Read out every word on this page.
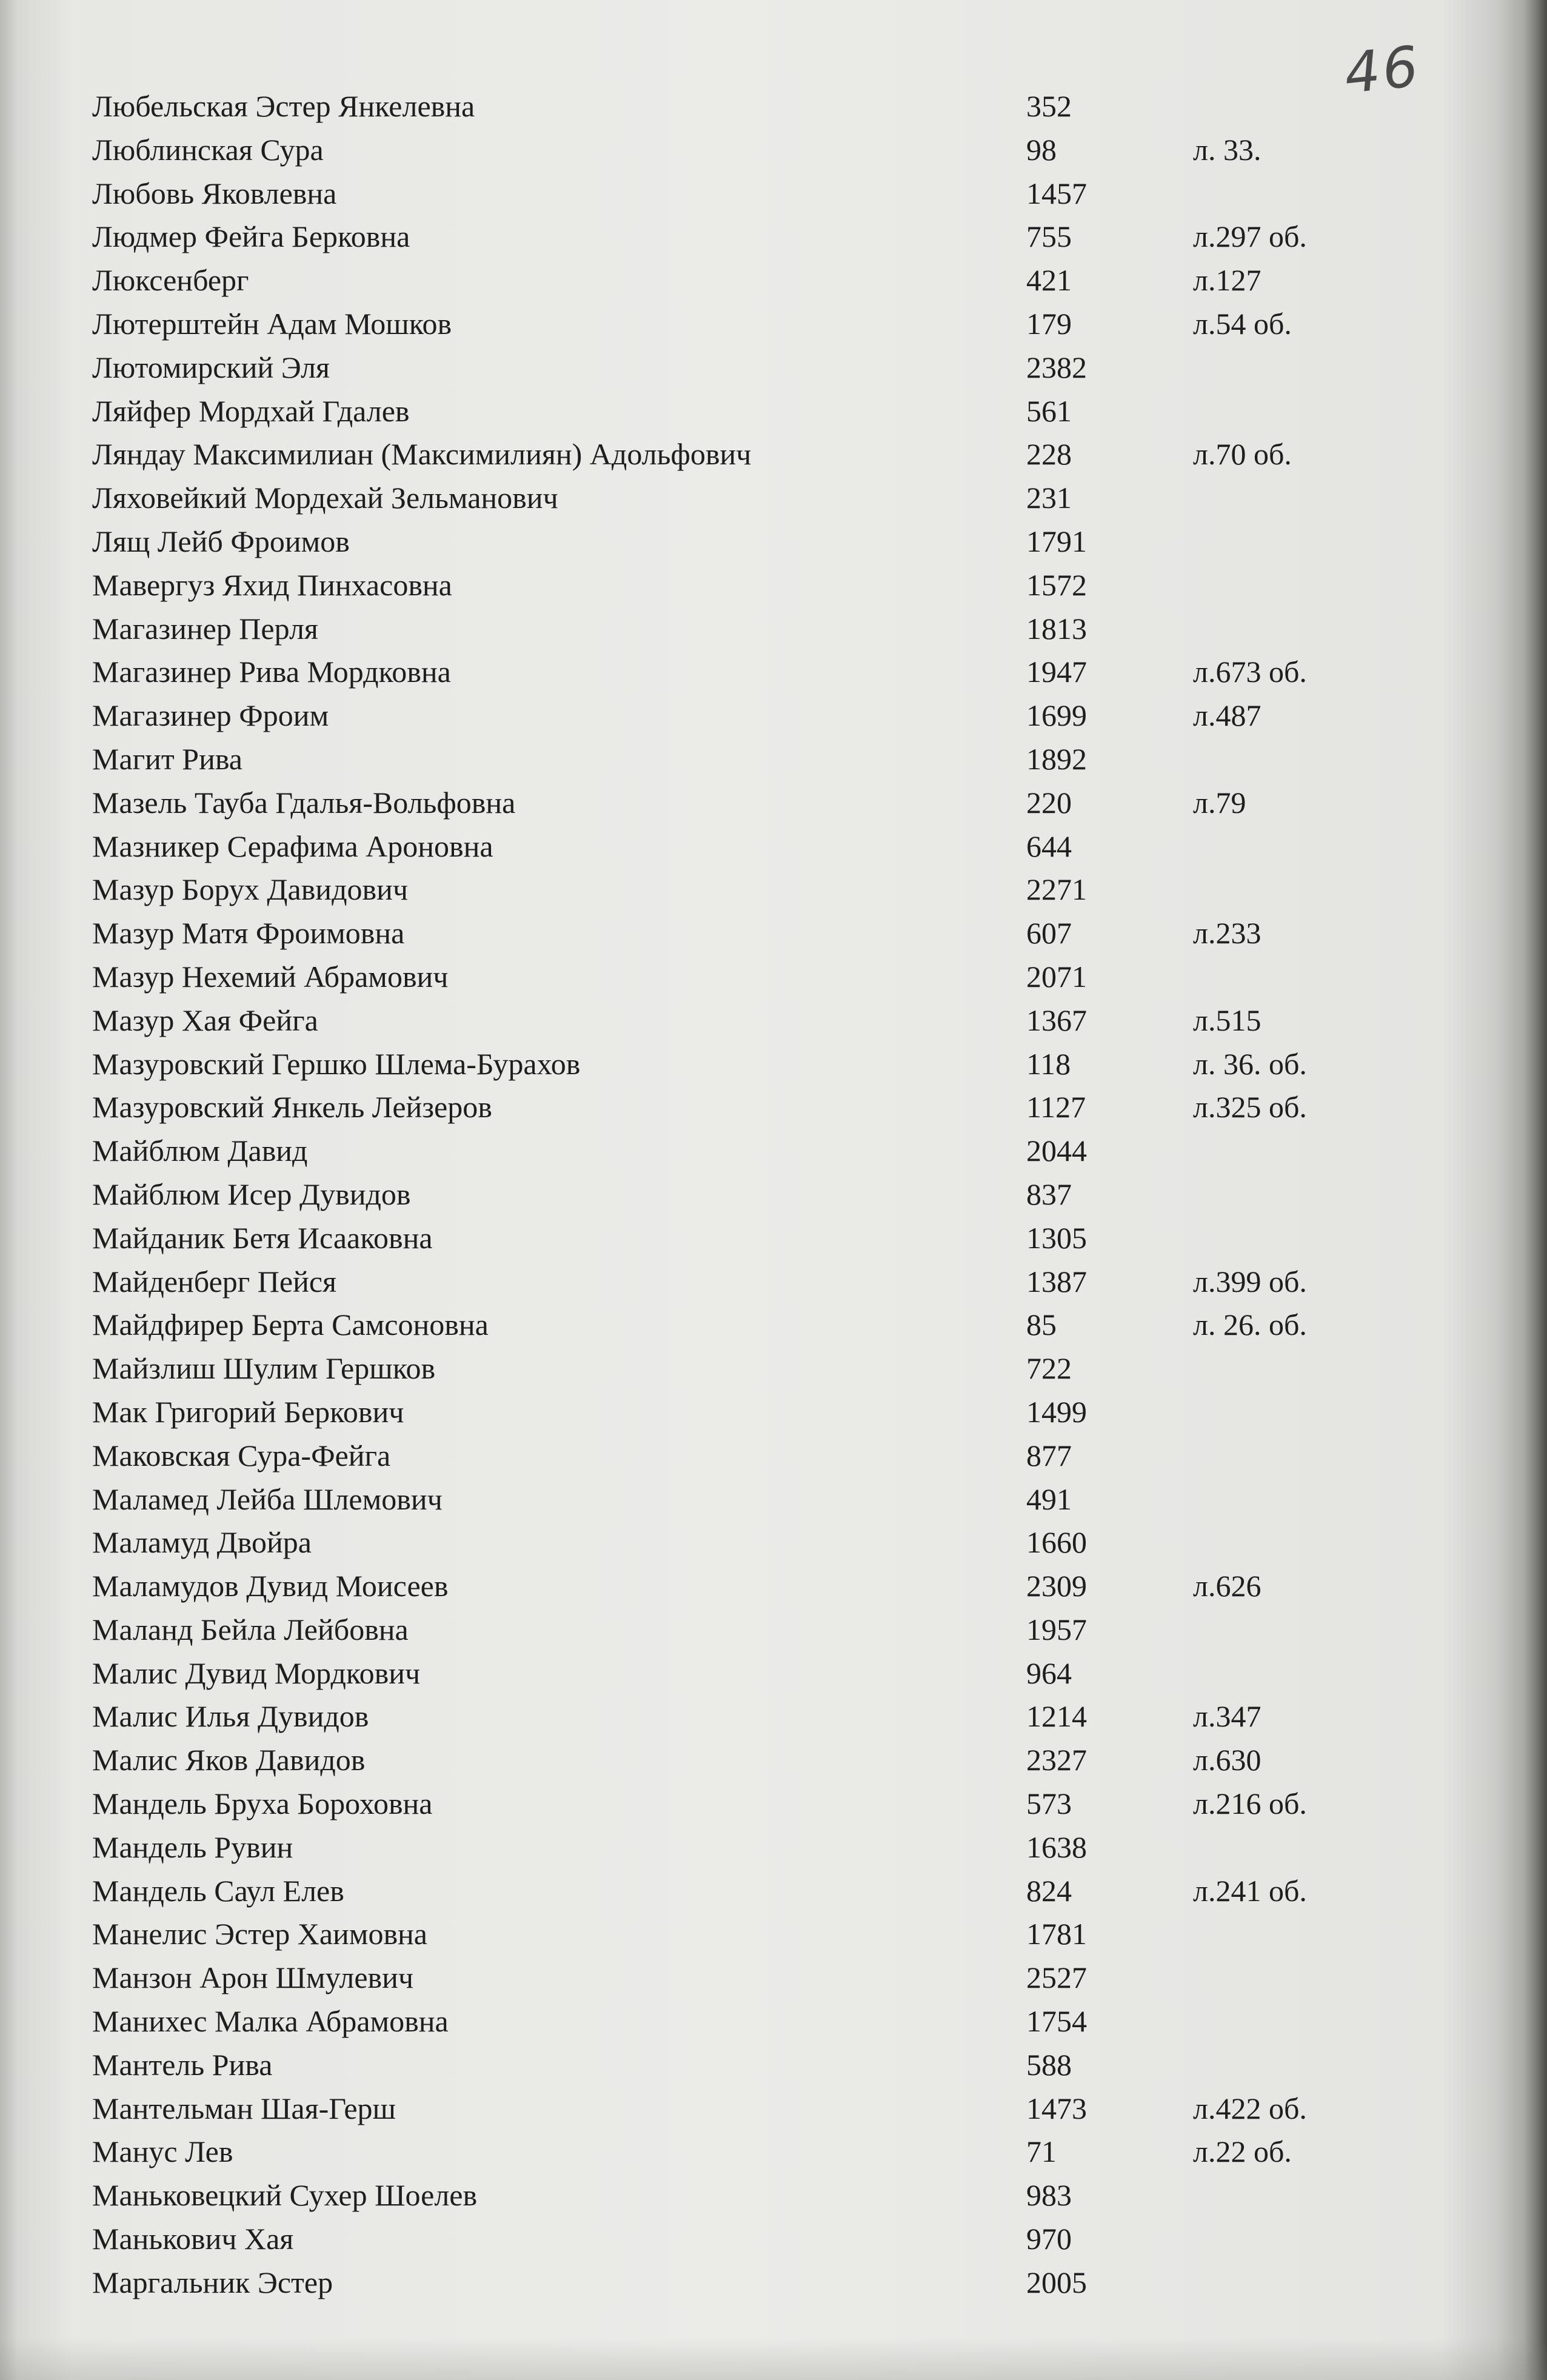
46
Любельская Эстер Янкелевна	352
Люблинская Сура	98	л. 33.
Любовь Яковлевна	1457
Людмер Фейга Берковна	755	л.297 об.
Люксенберг	421	л.127
Лютерштейн Адам Мошков	179	л.54 об.
Лютомирский Эля	2382
Ляйфер Мордхай Гдалев	561
Ляндау Максимилиан (Максимилиян) Адольфович	228	л.70 об.
Ляховейкий Мордехай Зельманович	231
Лящ Лейб Фроимов	1791
Мавергуз Яхид Пинхасовна	1572
Магазинер Перля	1813
Магазинер Рива Мордковна	1947	л.673 об.
Магазинер Фроим	1699	л.487
Магит Рива	1892
Мазель Тауба Гдалья-Вольфовна	220	л.79
Мазникер Серафима Ароновна	644
Мазур Борух Давидович	2271
Мазур Матя Фроимовна	607	л.233
Мазур Нехемий Абрамович	2071
Мазур Хая Фейга	1367	л.515
Мазуровский Гершко Шлема-Бурахов	118	л. 36. об.
Мазуровский Янкель Лейзеров	1127	л.325 об.
Майблюм Давид	2044
Майблюм Исер Дувидов	837
Майданик Бетя Исааковна	1305
Майденберг Пейся	1387	л.399 об.
Майдфирер Берта Самсоновна	85	л. 26. об.
Майзлиш Шулим Гершков	722
Мак Григорий Беркович	1499
Маковская Сура-Фейга	877
Маламед Лейба Шлемович	491
Маламуд Двойра	1660
Маламудов Дувид Моисеев	2309	л.626
Маланд Бейла Лейбовна	1957
Малис Дувид Мордкович	964
Малис Илья Дувидов	1214	л.347
Малис Яков Давидов	2327	л.630
Мандель Бруха Бороховна	573	л.216 об.
Мандель Рувин	1638
Мандель Саул Елев	824	л.241 об.
Манелис Эстер Хаимовна	1781
Манзон Арон Шмулевич	2527
Манихес Малка Абрамовна	1754
Мантель Рива	588
Мантельман Шая-Герш	1473	л.422 об.
Манус Лев	71	л.22 об.
Маньковецкий Сухер Шоелев	983
Манькович Хая	970
Маргальник Эстер	2005
